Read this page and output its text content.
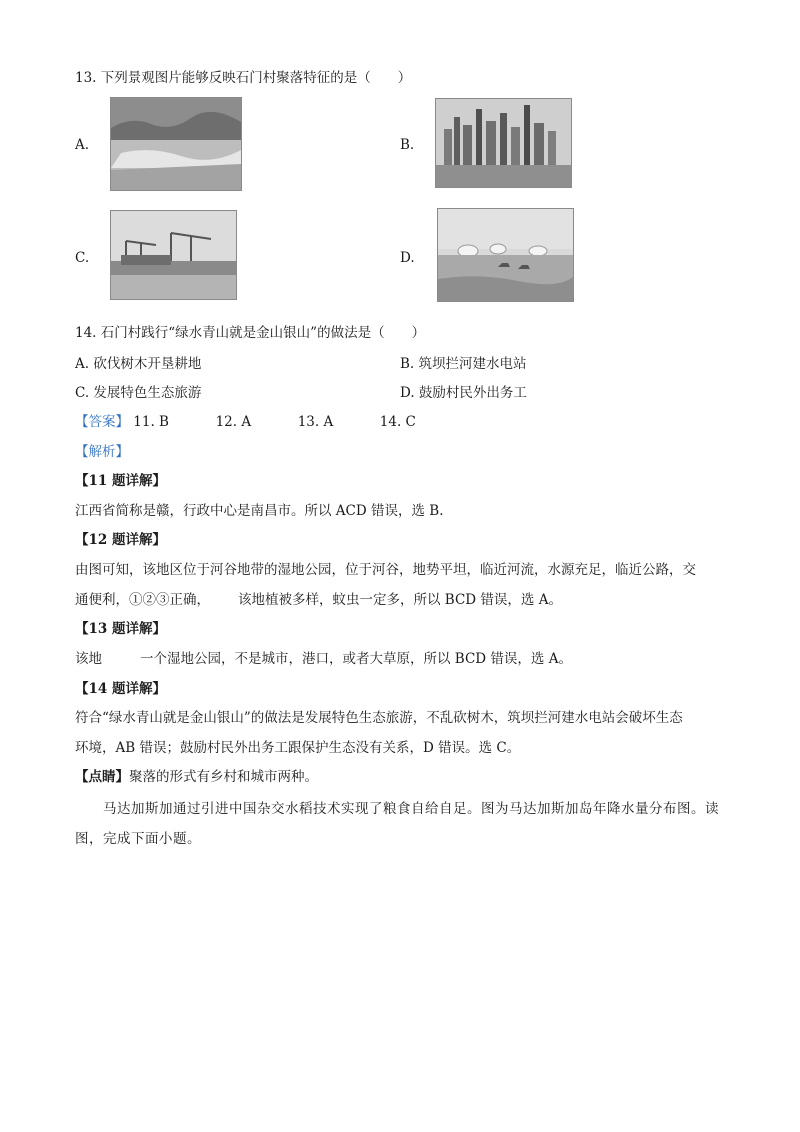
13. 下列景观图片能够反映石门村聚落特征的是（　　）
A.	B.
C.	D.
14. 石门村践行“绿水青山就是金山银山”的做法是（　　）
A. 砍伐树木开垦耕地	B. 筑坝拦河建水电站
C. 发展特色生态旅游	D. 鼓励村民外出务工
【答案】 11. B	12. A	13. A	14. C
【解析】
【11 题详解】
江西省简称是赣，行政中心是南昌市。所以 ACD 错误，选 B.
【12 题详解】
由图可知，该地区位于河谷地带的湿地公园，位于河谷，地势平坦，临近河流，水源充足，临近公路，交
通便利，①②③正确， 该地植被多样，蚊虫一定多，所以 BCD 错误，选 A。
【13 题详解】
该地	一个湿地公园，不是城市，港口，或者大草原，所以 BCD 错误，选 A。
【14 题详解】
符合“绿水青山就是金山银山”的做法是发展特色生态旅游，不乱砍树木，筑坝拦河建水电站会破坏生态
环境，AB 错误；鼓励村民外出务工跟保护生态没有关系，D 错误。选 C。
【点睛】聚落的形式有乡村和城市两种。
马达加斯加通过引进中国杂交水稻技术实现了粮食自给自足。图为马达加斯加岛年降水量分布图。读
图，完成下面小题。
